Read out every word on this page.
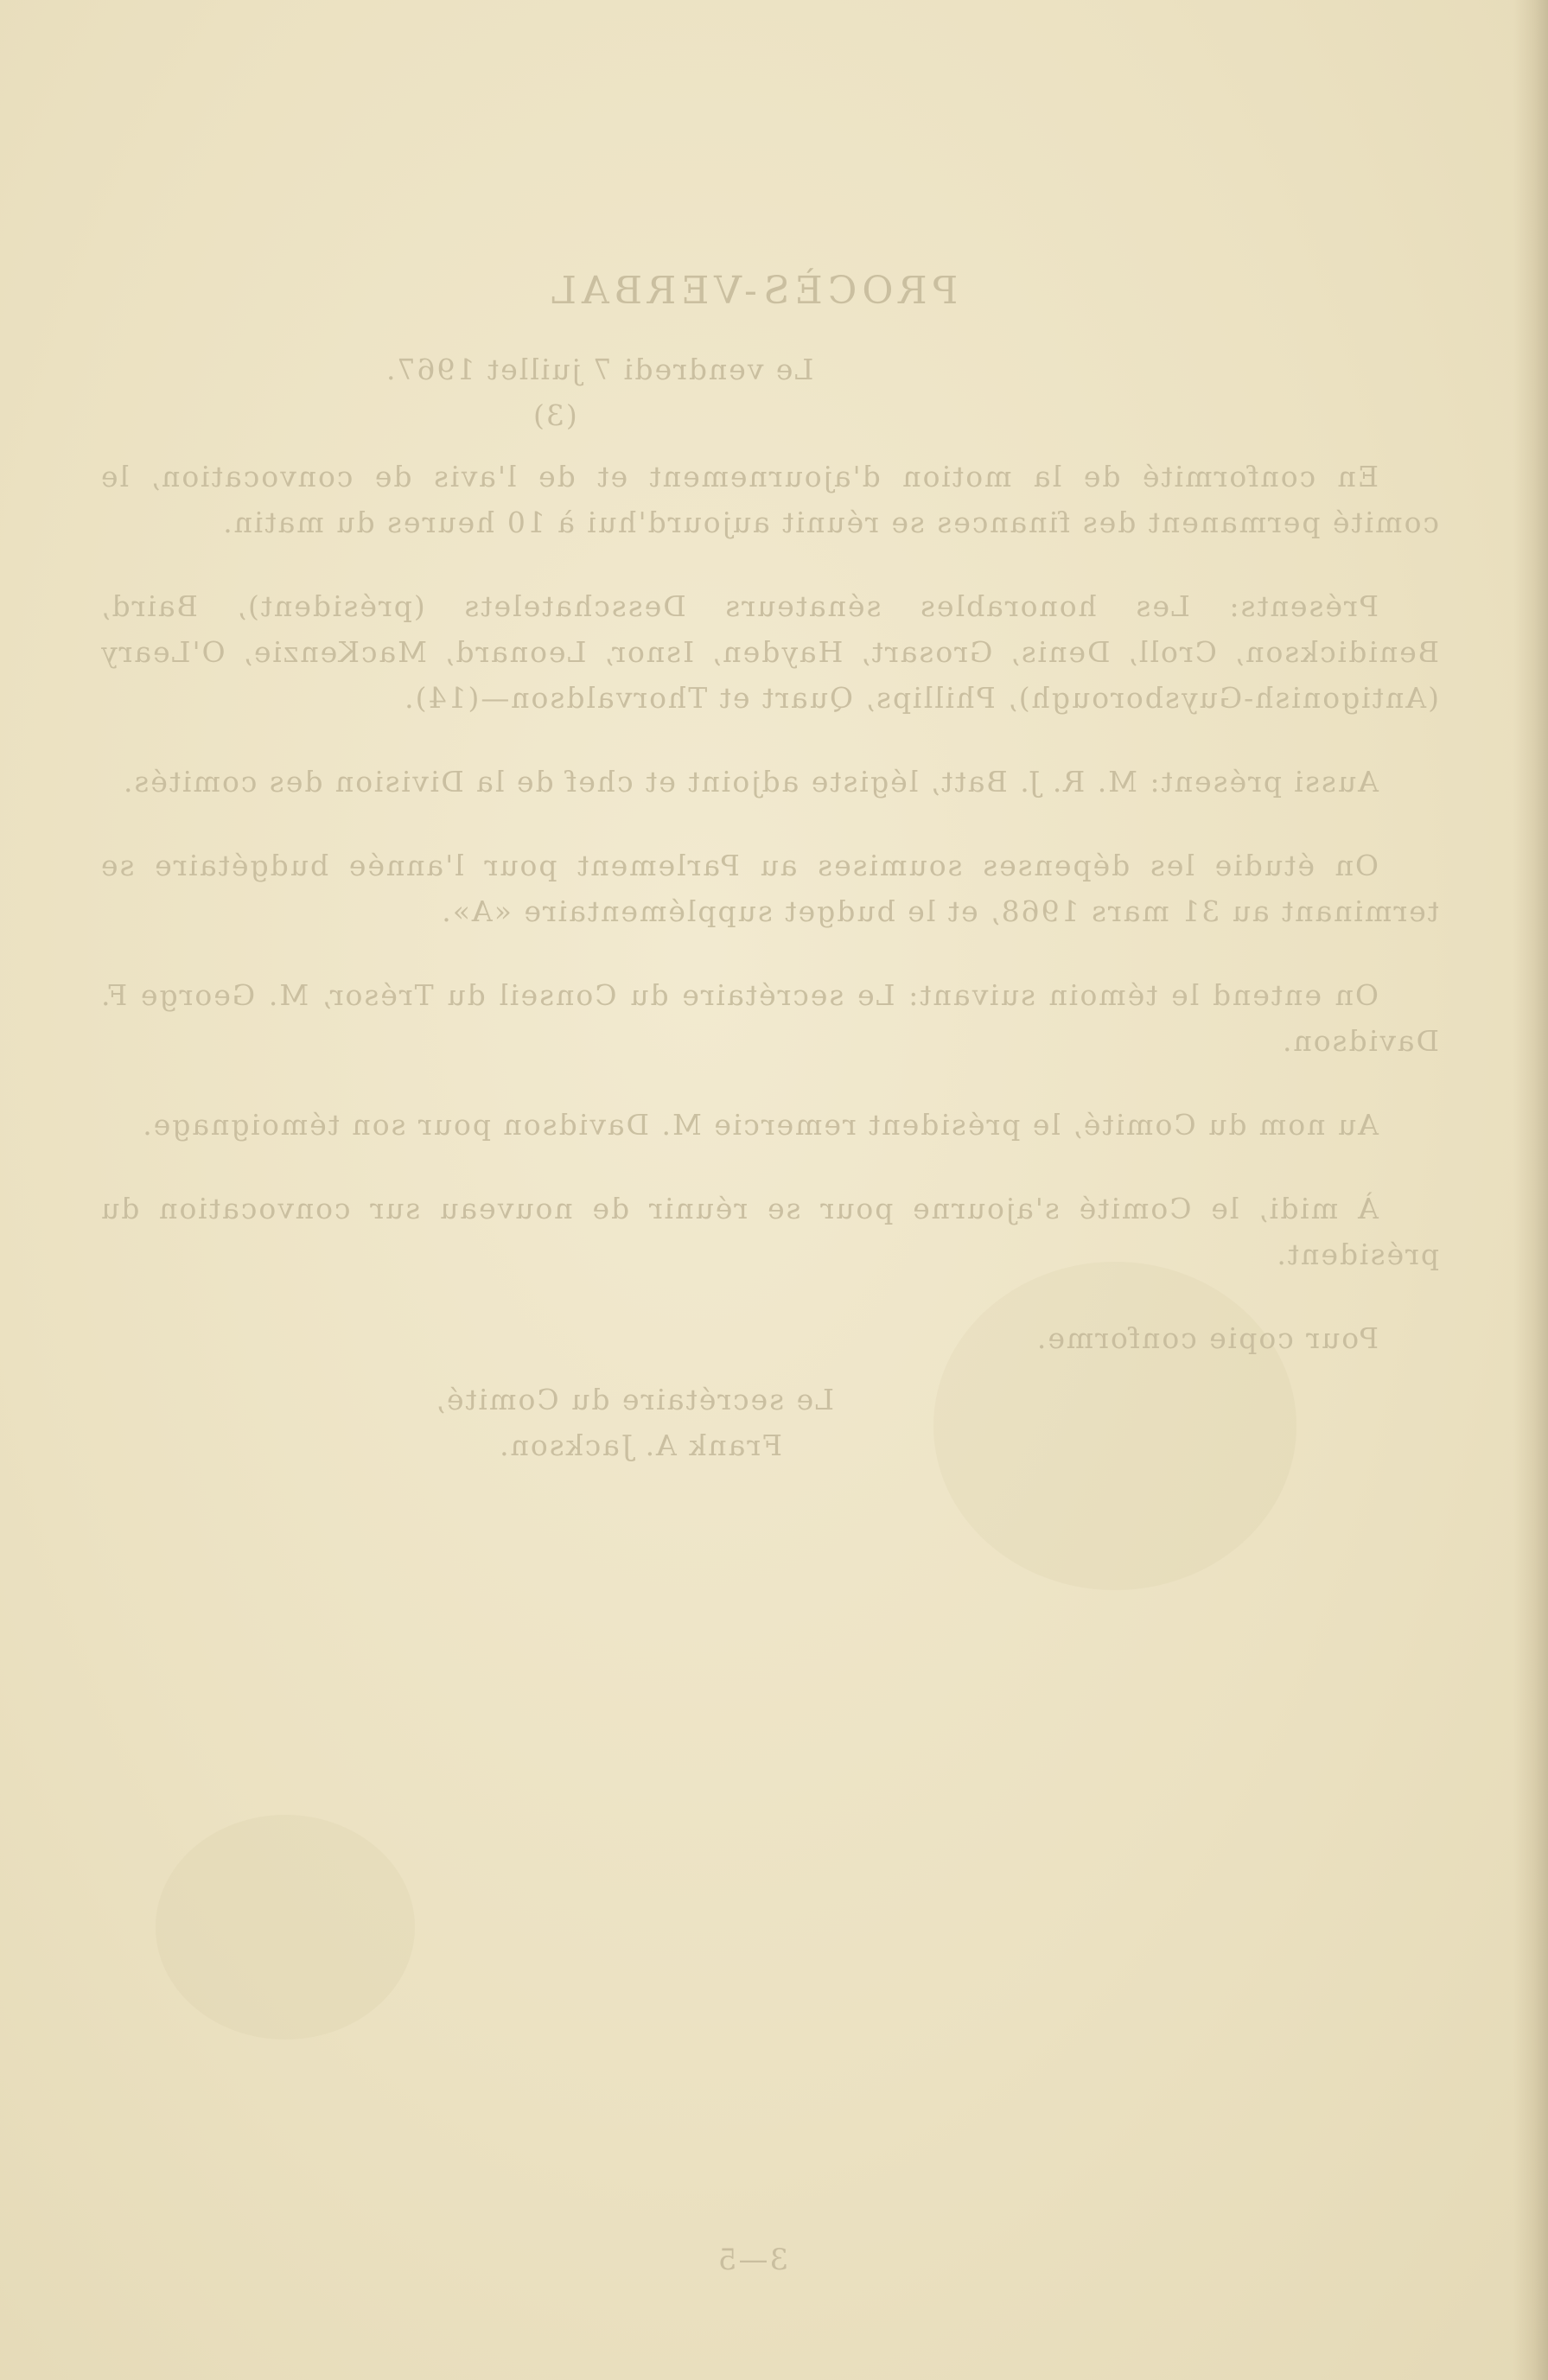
PROCÈS-VERBAL

Le vendredi 7 juillet 1967.

(3)

En conformité de la motion d'ajournement et de l'avis de convocation, le comité permanent des finances se réunit aujourd'hui à 10 heures du matin.

Présents: Les honorables sénateurs Desschatelets (président), Baird, Benidickson, Croll, Denis, Grosart, Hayden, Isnor, Leonard, MacKenzie, O'Leary (Antigonish-Guysborough), Phillips, Quart et Thorvaldson—(14).

Aussi présent: M. R. J. Batt, légiste adjoint et chef de la Division des comités.

On étudie les dépenses soumises au Parlement pour l'année budgétaire se terminant au 31 mars 1968, et le budget supplémentaire «A».

On entend le témoin suivant: Le secrétaire du Conseil du Trésor, M. George F. Davidson.

Au nom du Comité, le président remercie M. Davidson pour son témoignage.

À midi, le Comité s'ajourne pour se réunir de nouveau sur convocation du président.

Pour copie conforme.

Le secrétaire du Comité,

Frank A. Jackson.

3—5
